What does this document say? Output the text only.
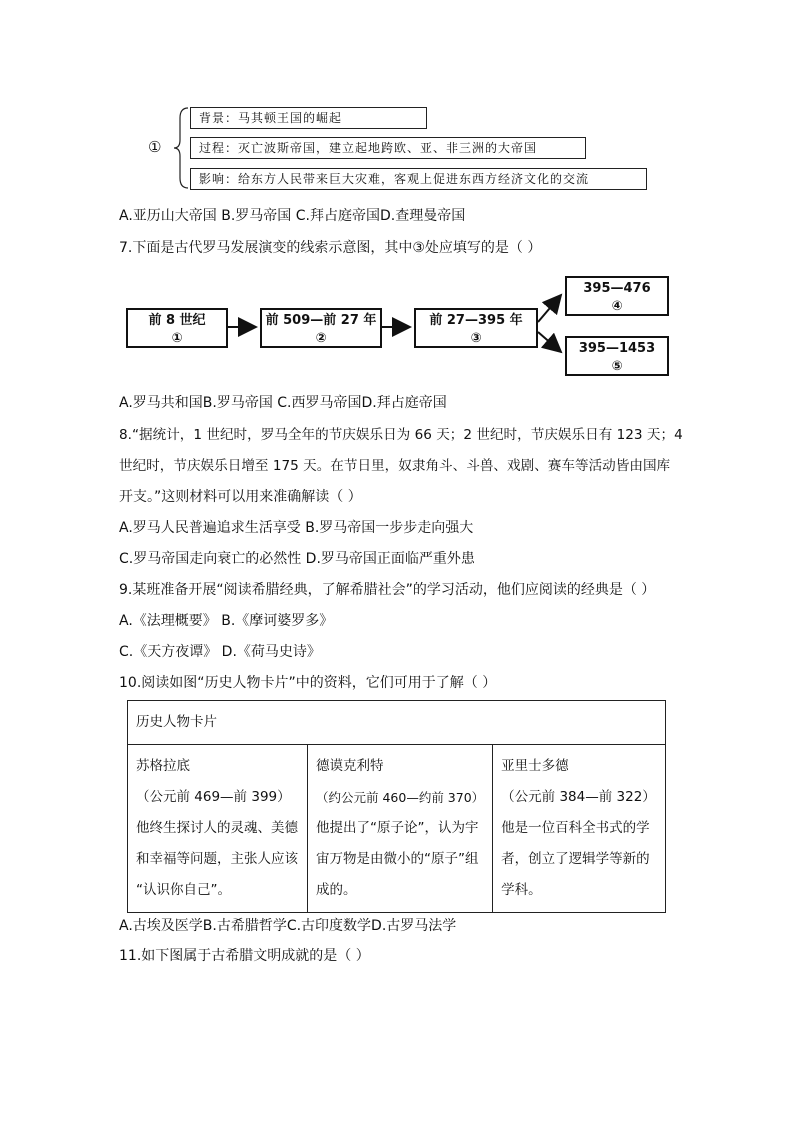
①
背景：马其顿王国的崛起
过程：灭亡波斯帝国，建立起地跨欧、亚、非三洲的大帝国
影响：给东方人民带来巨大灾难，客观上促进东西方经济文化的交流
A.亚历山大帝国 B.罗马帝国 C.拜占庭帝国D.查理曼帝国
7.下面是古代罗马发展演变的线索示意图，其中③处应填写的是（ ）
前 8 世纪
①
前 509—前 27 年
②
前 27—395 年
③
395—476
④
395—1453
⑤
A.罗马共和国B.罗马帝国 C.西罗马帝国D.拜占庭帝国
8.“据统计，1 世纪时，罗马全年的节庆娱乐日为 66 天；2 世纪时，节庆娱乐日有 123 天；4
世纪时，节庆娱乐日增至 175 天。在节日里，奴隶角斗、斗兽、戏剧、赛车等活动皆由国库
开支。”这则材料可以用来准确解读（ ）
A.罗马人民普遍追求生活享受 B.罗马帝国一步步走向强大
C.罗马帝国走向衰亡的必然性 D.罗马帝国正面临严重外患
9.某班准备开展“阅读希腊经典，了解希腊社会”的学习活动，他们应阅读的经典是（ ）
A.《法理概要》 B.《摩诃婆罗多》
C.《天方夜谭》 D.《荷马史诗》
10.阅读如图“历史人物卡片”中的资料，它们可用于了解（ ）
历史人物卡片

苏格拉底
（公元前 469—前 399）
他终生探讨人的灵魂、美德
和幸福等问题，主张人应该
“认识你自己”。

德谟克利特
（约公元前 460—约前 370）
他提出了“原子论”，认为宇
宙万物是由微小的“原子”组
成的。

亚里士多德
（公元前 384—前 322）
他是一位百科全书式的学
者，创立了逻辑学等新的
学科。
A.古埃及医学B.古希腊哲学C.古印度数学D.古罗马法学
11.如下图属于古希腊文明成就的是（ ）
